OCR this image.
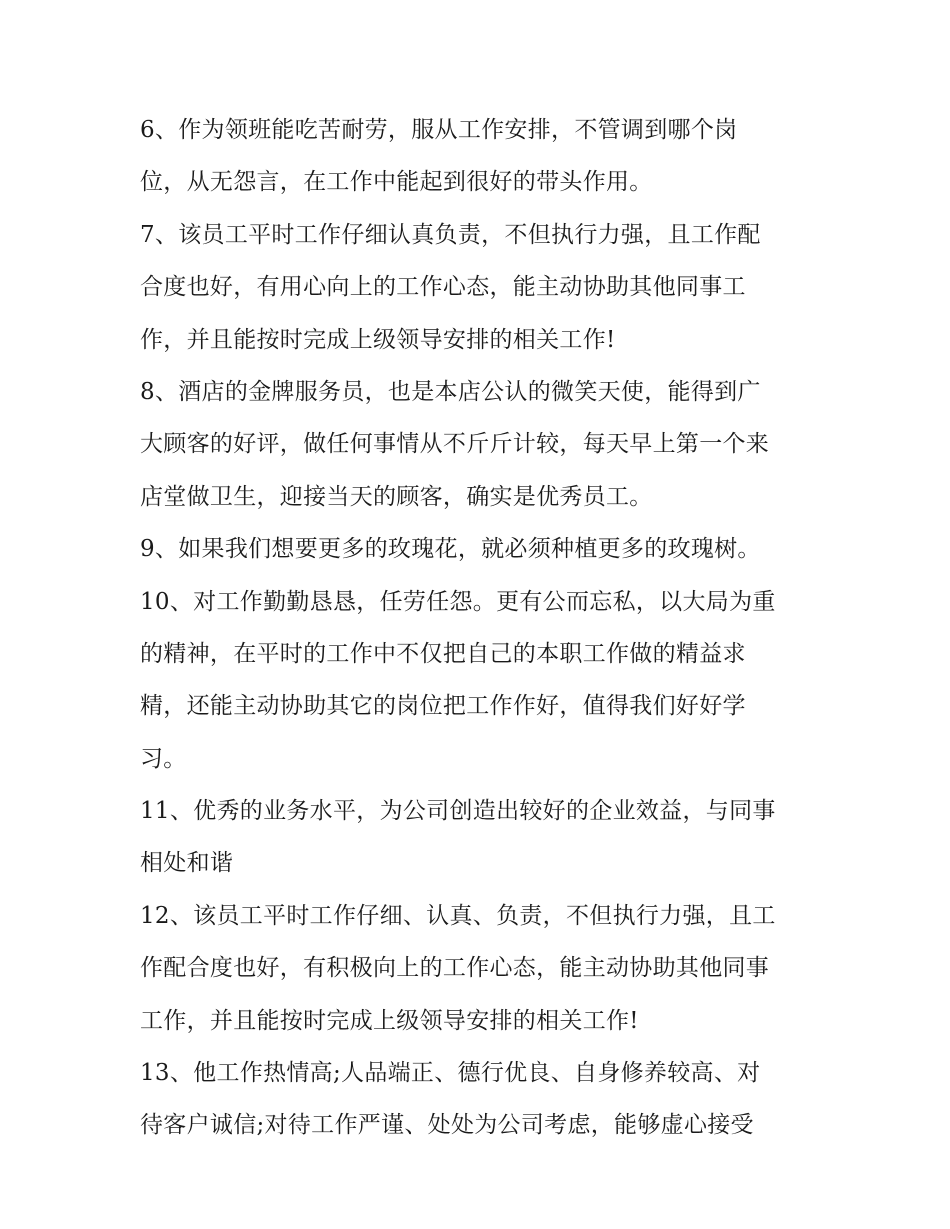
6、作为领班能吃苦耐劳，服从工作安排，不管调到哪个岗
位，从无怨言，在工作中能起到很好的带头作用。
7、该员工平时工作仔细认真负责，不但执行力强，且工作配
合度也好，有用心向上的工作心态，能主动协助其他同事工
作，并且能按时完成上级领导安排的相关工作!
8、酒店的金牌服务员，也是本店公认的微笑天使，能得到广
大顾客的好评，做任何事情从不斤斤计较，每天早上第一个来
店堂做卫生，迎接当天的顾客，确实是优秀员工。
9、如果我们想要更多的玫瑰花，就必须种植更多的玫瑰树。
10、对工作勤勤恳恳，任劳任怨。更有公而忘私，以大局为重
的精神，在平时的工作中不仅把自己的本职工作做的精益求
精，还能主动协助其它的岗位把工作作好，值得我们好好学
习。
11、优秀的业务水平，为公司创造出较好的企业效益，与同事
相处和谐
12、该员工平时工作仔细、认真、负责，不但执行力强，且工
作配合度也好，有积极向上的工作心态，能主动协助其他同事
工作，并且能按时完成上级领导安排的相关工作!
13、他工作热情高;人品端正、德行优良、自身修养较高、对
待客户诚信;对待工作严谨、处处为公司考虑，能够虚心接受
